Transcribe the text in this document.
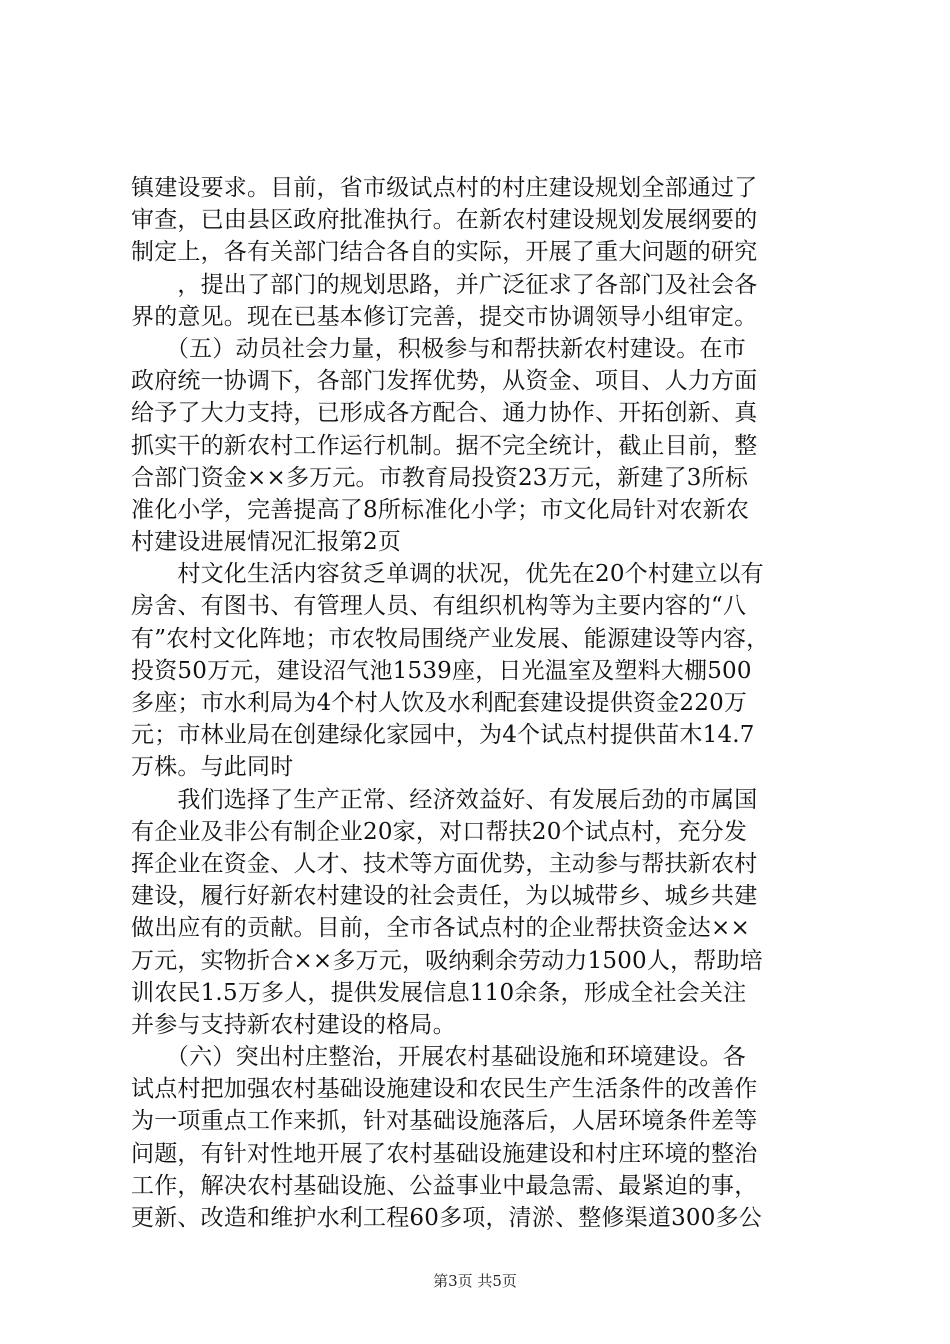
镇建设要求。目前，省市级试点村的村庄建设规划全部通过了
审查，已由县区政府批准执行。在新农村建设规划发展纲要的
制定上，各有关部门结合各自的实际，开展了重大问题的研究
　　，提出了部门的规划思路，并广泛征求了各部门及社会各
界的意见。现在已基本修订完善，提交市协调领导小组审定。
　　（五）动员社会力量，积极参与和帮扶新农村建设。在市
政府统一协调下，各部门发挥优势，从资金、项目、人力方面
给予了大力支持，已形成各方配合、通力协作、开拓创新、真
抓实干的新农村工作运行机制。据不完全统计，截止目前，整
合部门资金××多万元。市教育局投资23万元，新建了3所标
准化小学，完善提高了8所标准化小学；市文化局针对农新农
村建设进展情况汇报第2页
　　村文化生活内容贫乏单调的状况，优先在20个村建立以有
房舍、有图书、有管理人员、有组织机构等为主要内容的“八
有”农村文化阵地；市农牧局围绕产业发展、能源建设等内容，
投资50万元，建设沼气池1539座，日光温室及塑料大棚500
多座；市水利局为4个村人饮及水利配套建设提供资金220万
元；市林业局在创建绿化家园中，为4个试点村提供苗木14.7
万株。与此同时
　　我们选择了生产正常、经济效益好、有发展后劲的市属国
有企业及非公有制企业20家，对口帮扶20个试点村，充分发
挥企业在资金、人才、技术等方面优势，主动参与帮扶新农村
建设，履行好新农村建设的社会责任，为以城带乡、城乡共建
做出应有的贡献。目前，全市各试点村的企业帮扶资金达××
万元，实物折合××多万元，吸纳剩余劳动力1500人，帮助培
训农民1.5万多人，提供发展信息110余条，形成全社会关注
并参与支持新农村建设的格局。
　　（六）突出村庄整治，开展农村基础设施和环境建设。各
试点村把加强农村基础设施建设和农民生产生活条件的改善作
为一项重点工作来抓，针对基础设施落后，人居环境条件差等
问题，有针对性地开展了农村基础设施建设和村庄环境的整治
工作，解决农村基础设施、公益事业中最急需、最紧迫的事，
更新、改造和维护水利工程60多项，清淤、整修渠道300多公
第3页 共5页
